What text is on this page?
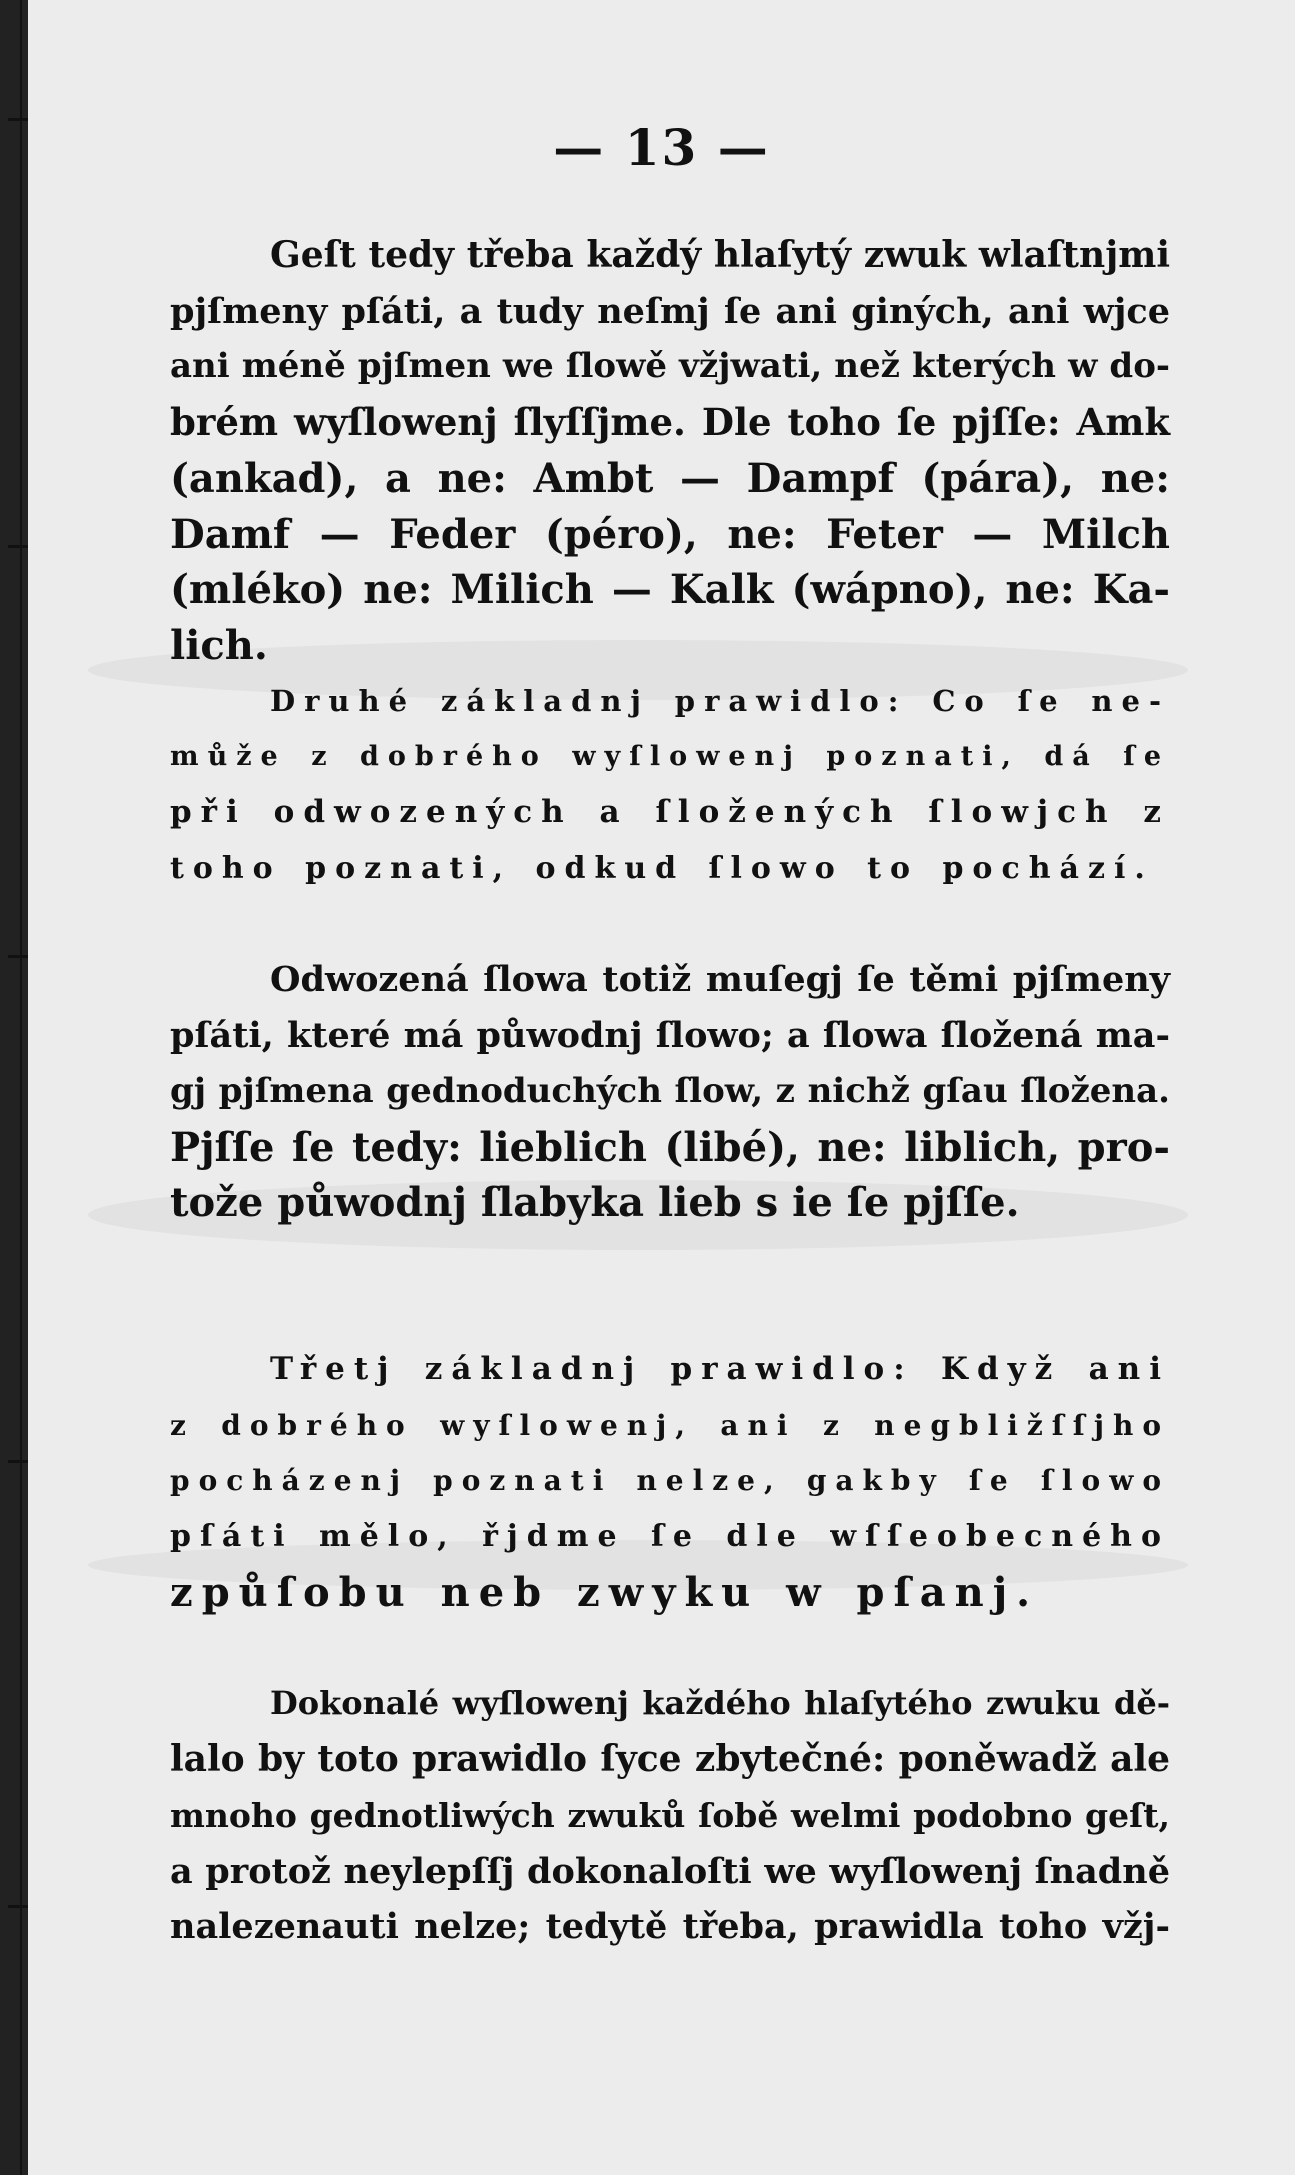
— 13 —
Geſt tedy třeba každý hlaſytý zwuk wlaſtnjmi
pjſmeny pſáti, a tudy neſmj ſe ani giných, ani wjce
ani méně pjſmen we ſlowě vžjwati, než kterých w do-
brém wyſlowenj ſlyſſjme. Dle toho ſe pjſſe: Amk
(ankad), a ne: Ambt — Dampf (pára), ne:
Damf — Feder (péro), ne: Feter — Milch
(mléko) ne: Milich — Kalk (wápno), ne: Ka-
lich.
Druhé základnj prawidlo: Co ſe ne-
může z dobrého wyſlowenj poznati, dá ſe
při odwozených a ſložených ſlowjch z
toho poznati, odkud ſlowo to pochází.
Odwozená ſlowa totiž muſegj ſe těmi pjſmeny
pſáti, které má půwodnj ſlowo; a ſlowa ſložená ma-
gj pjſmena gednoduchých ſlow, z nichž gſau ſložena.
Pjſſe ſe tedy: lieblich (libé), ne: liblich, pro-
tože půwodnj ſlabyka lieb s ie ſe pjſſe.
Třetj základnj prawidlo: Když ani
z dobrého wyſlowenj, ani z negbližſſjho
pocházenj poznati nelze, gakby ſe ſlowo
pſáti mělo, řjdme ſe dle wſſeobecného
způſobu neb zwyku w pſanj.
Dokonalé wyſlowenj každého hlaſytého zwuku dě-
lalo by toto prawidlo ſyce zbytečné: poněwadž ale
mnoho gednotliwých zwuků ſobě welmi podobno geſt,
a protož neylepſſj dokonaloſti we wyſlowenj ſnadně
nalezenauti nelze; tedytě třeba, prawidla toho vžj-
